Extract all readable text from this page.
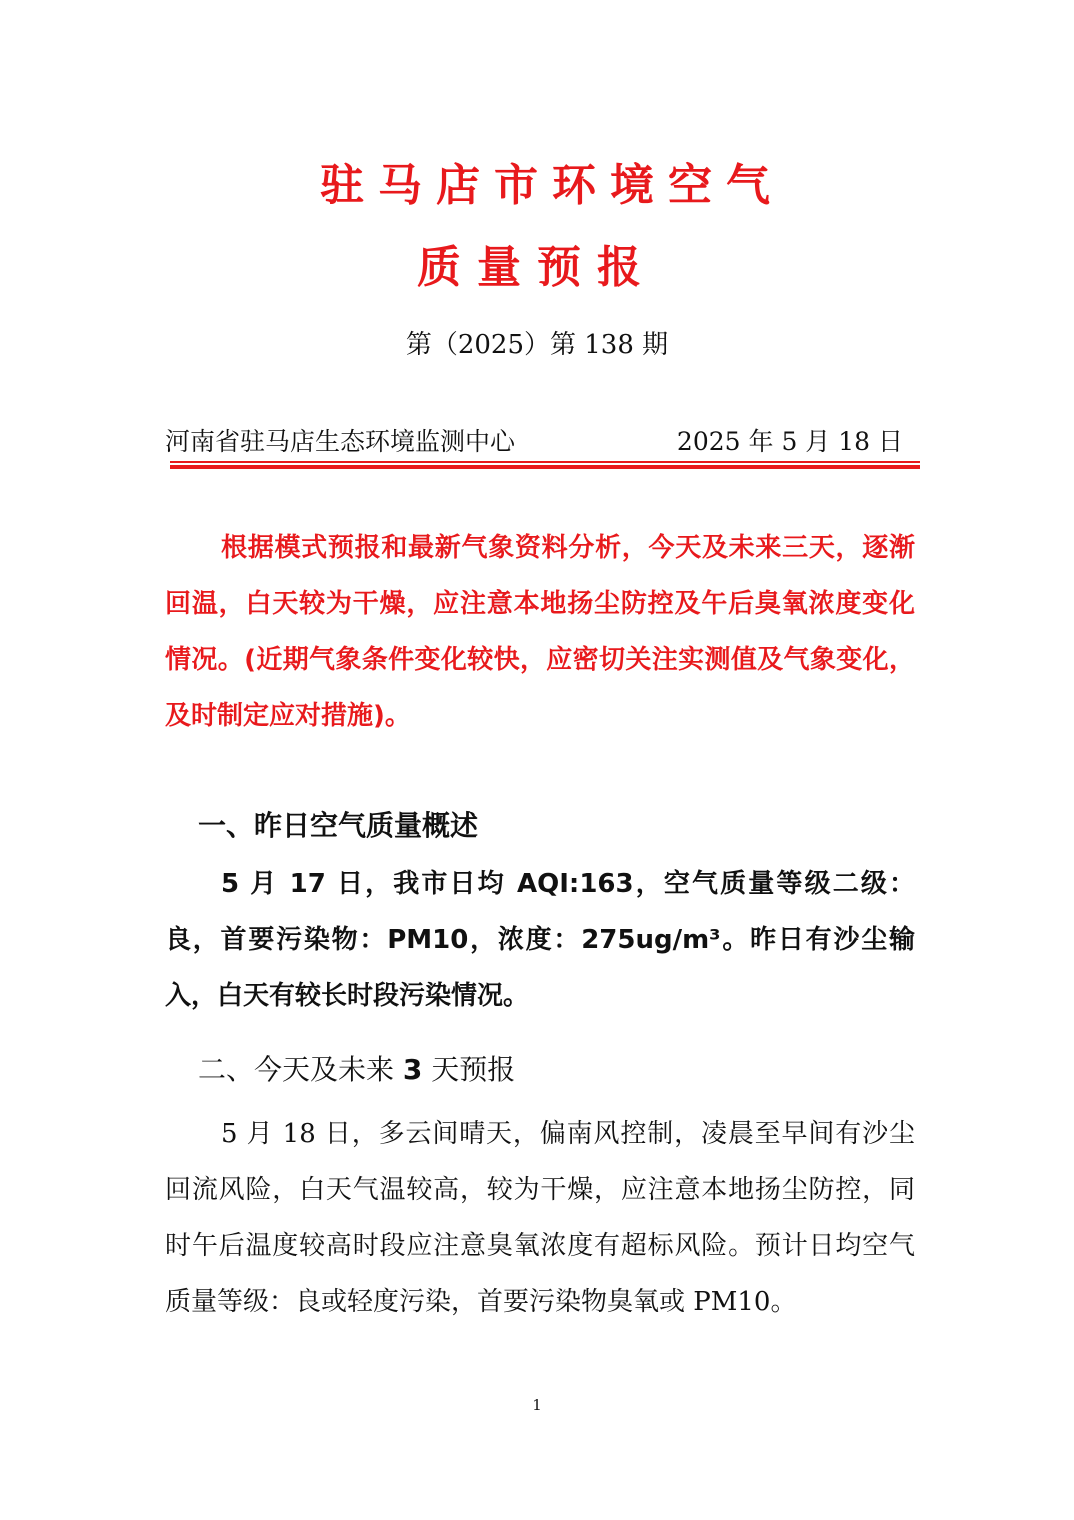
驻马店市环境空气
质量预报
第（2025）第 138 期
河南省驻马店生态环境监测中心	2025 年 5 月 18 日

根据模式预报和最新气象资料分析，今天及未来三天，逐渐回温，白天较为干燥，应注意本地扬尘防控及午后臭氧浓度变化情况。(近期气象条件变化较快，应密切关注实测值及气象变化，及时制定应对措施)。

一、昨日空气质量概述

5 月 17 日，我市日均 AQI:163，空气质量等级二级：良，首要污染物：PM10，浓度：275ug/m³。昨日有沙尘输入，白天有较长时段污染情况。

二、今天及未来 3 天预报

5 月 18 日，多云间晴天，偏南风控制，凌晨至早间有沙尘回流风险，白天气温较高，较为干燥，应注意本地扬尘防控，同时午后温度较高时段应注意臭氧浓度有超标风险。预计日均空气质量等级：良或轻度污染，首要污染物臭氧或 PM10。

1
